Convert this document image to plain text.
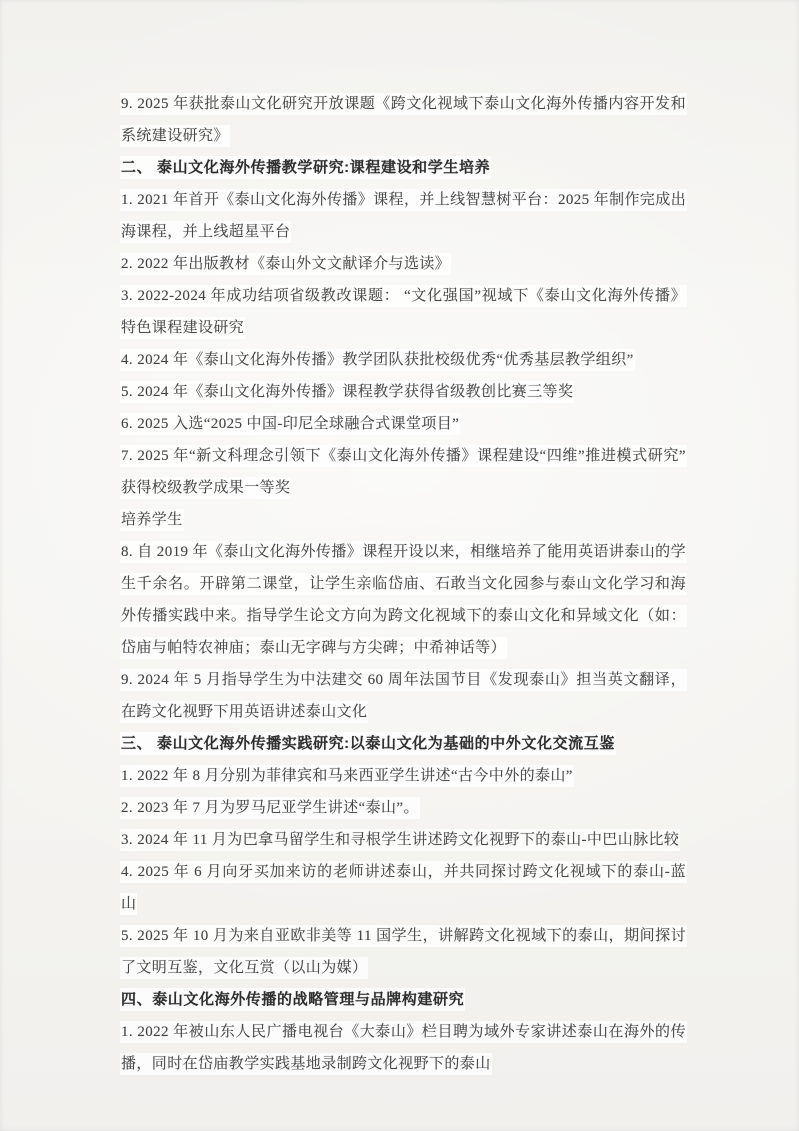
9. 2025 年获批泰山文化研究开放课题《跨文化视域下泰山文化海外传播内容开发和系统建设研究》

二、 泰山文化海外传播教学研究:课程建设和学生培养

1. 2021 年首开《泰山文化海外传播》课程，并上线智慧树平台：2025 年制作完成出海课程，并上线超星平台

2. 2022 年出版教材《泰山外文文献译介与选读》

3. 2022-2024 年成功结项省级教改课题： “文化强国”视域下《泰山文化海外传播》特色课程建设研究

4. 2024 年《泰山文化海外传播》教学团队获批校级优秀“优秀基层教学组织”

5. 2024 年《泰山文化海外传播》课程教学获得省级教创比赛三等奖

6. 2025 入选“2025 中国-印尼全球融合式课堂项目”

7. 2025 年“新文科理念引领下《泰山文化海外传播》课程建设“四维”推进模式研究”获得校级教学成果一等奖

培养学生

8. 自 2019 年《泰山文化海外传播》课程开设以来，相继培养了能用英语讲泰山的学生千余名。开辟第二课堂，让学生亲临岱庙、石敢当文化园参与泰山文化学习和海外传播实践中来。指导学生论文方向为跨文化视域下的泰山文化和异域文化（如：岱庙与帕特农神庙；泰山无字碑与方尖碑；中希神话等）

9. 2024 年 5 月指导学生为中法建交 60 周年法国节目《发现泰山》担当英文翻译，在跨文化视野下用英语讲述泰山文化

三、 泰山文化海外传播实践研究:以泰山文化为基础的中外文化交流互鉴

1. 2022 年 8 月分别为菲律宾和马来西亚学生讲述“古今中外的泰山”

2. 2023 年 7 月为罗马尼亚学生讲述“泰山”。

3. 2024 年 11 月为巴拿马留学生和寻根学生讲述跨文化视野下的泰山-中巴山脉比较

4. 2025 年 6 月向牙买加来访的老师讲述泰山，并共同探讨跨文化视域下的泰山-蓝山

5. 2025 年 10 月为来自亚欧非美等 11 国学生，讲解跨文化视域下的泰山，期间探讨了文明互鉴，文化互赏（以山为媒）

四、泰山文化海外传播的战略管理与品牌构建研究

1. 2022 年被山东人民广播电视台《大泰山》栏目聘为域外专家讲述泰山在海外的传播，同时在岱庙教学实践基地录制跨文化视野下的泰山
